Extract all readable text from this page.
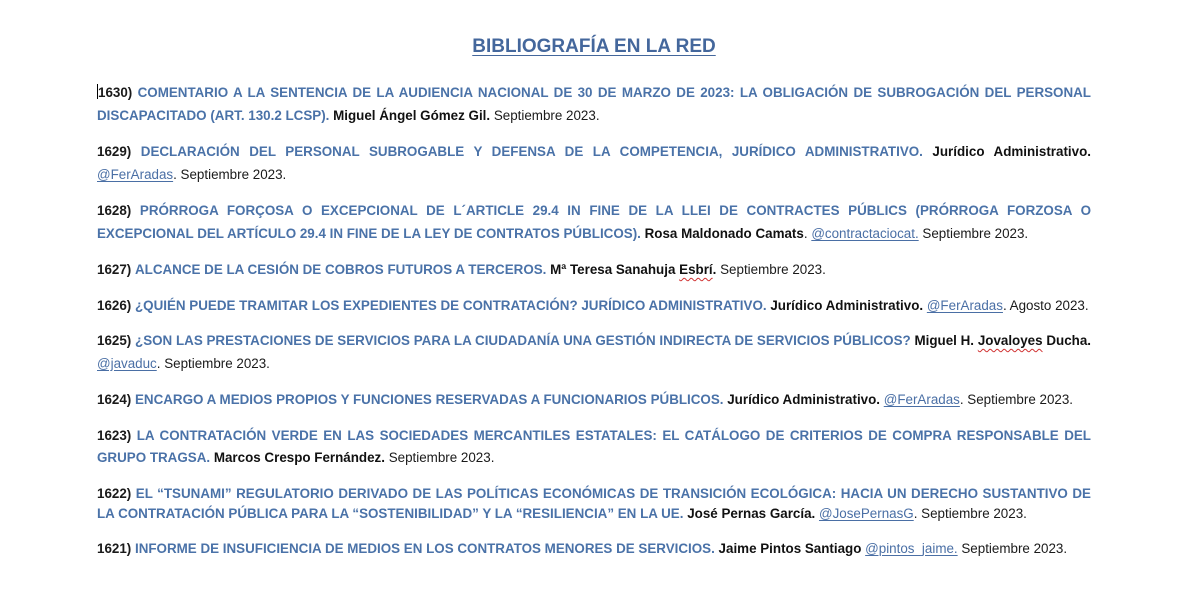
BIBLIOGRAFÍA EN LA RED

1630) COMENTARIO A LA SENTENCIA DE LA AUDIENCIA NACIONAL DE 30 DE MARZO DE 2023: LA OBLIGACIÓN DE SUBROGACIÓN DEL PERSONAL DISCAPACITADO (ART. 130.2 LCSP). Miguel Ángel Gómez Gil. Septiembre 2023.

1629) DECLARACIÓN DEL PERSONAL SUBROGABLE Y DEFENSA DE LA COMPETENCIA, JURÍDICO ADMINISTRATIVO. Jurídico Administrativo. @FerAradas. Septiembre 2023.

1628) PRÓRROGA FORÇOSA O EXCEPCIONAL DE L´ARTICLE 29.4 IN FINE DE LA LLEI DE CONTRACTES PÚBLICS (PRÓRROGA FORZOSA O EXCEPCIONAL DEL ARTÍCULO 29.4 IN FINE DE LA LEY DE CONTRATOS PÚBLICOS). Rosa Maldonado Camats. @contractaciocat. Septiembre 2023.

1627) ALCANCE DE LA CESIÓN DE COBROS FUTUROS A TERCEROS. Mª Teresa Sanahuja Esbrí. Septiembre 2023.

1626) ¿QUIÉN PUEDE TRAMITAR LOS EXPEDIENTES DE CONTRATACIÓN? JURÍDICO ADMINISTRATIVO. Jurídico Administrativo. @FerAradas. Agosto 2023.

1625) ¿SON LAS PRESTACIONES DE SERVICIOS PARA LA CIUDADANÍA UNA GESTIÓN INDIRECTA DE SERVICIOS PÚBLICOS? Miguel H. Jovaloyes Ducha. @javaduc. Septiembre 2023.

1624) ENCARGO A MEDIOS PROPIOS Y FUNCIONES RESERVADAS A FUNCIONARIOS PÚBLICOS. Jurídico Administrativo. @FerAradas. Septiembre 2023.

1623) LA CONTRATACIÓN VERDE EN LAS SOCIEDADES MERCANTILES ESTATALES: EL CATÁLOGO DE CRITERIOS DE COMPRA RESPONSABLE DEL GRUPO TRAGSA. Marcos Crespo Fernández. Septiembre 2023.

1622) EL “TSUNAMI” REGULATORIO DERIVADO DE LAS POLÍTICAS ECONÓMICAS DE TRANSICIÓN ECOLÓGICA: HACIA UN DERECHO SUSTANTIVO DE LA CONTRATACIÓN PÚBLICA PARA LA “SOSTENIBILIDAD” Y LA “RESILIENCIA” EN LA UE. José Pernas García. @JosePernasG. Septiembre 2023.

1621) INFORME DE INSUFICIENCIA DE MEDIOS EN LOS CONTRATOS MENORES DE SERVICIOS. Jaime Pintos Santiago @pintos_jaime. Septiembre 2023.
